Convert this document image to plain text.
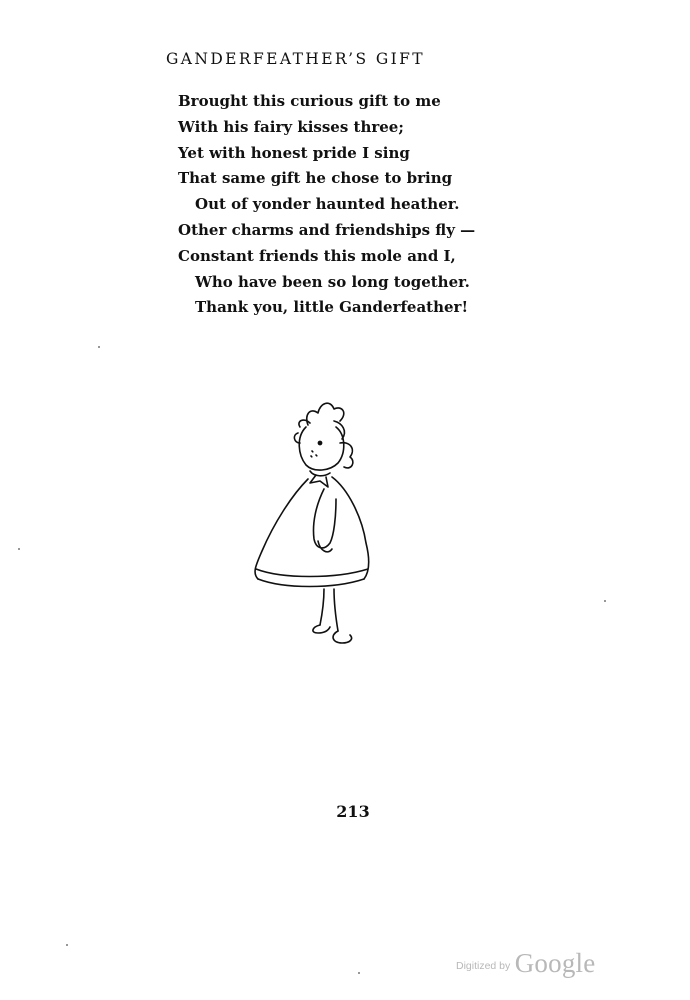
GANDERFEATHER’S GIFT
Brought this curious gift to me
With his fairy kisses three;
Yet with honest pride I sing
That same gift he chose to bring
Out of yonder haunted heather.
Other charms and friendships fly —
Constant friends this mole and I,
Who have been so long together.
Thank you, little Ganderfeather!
213
Digitized by Google
